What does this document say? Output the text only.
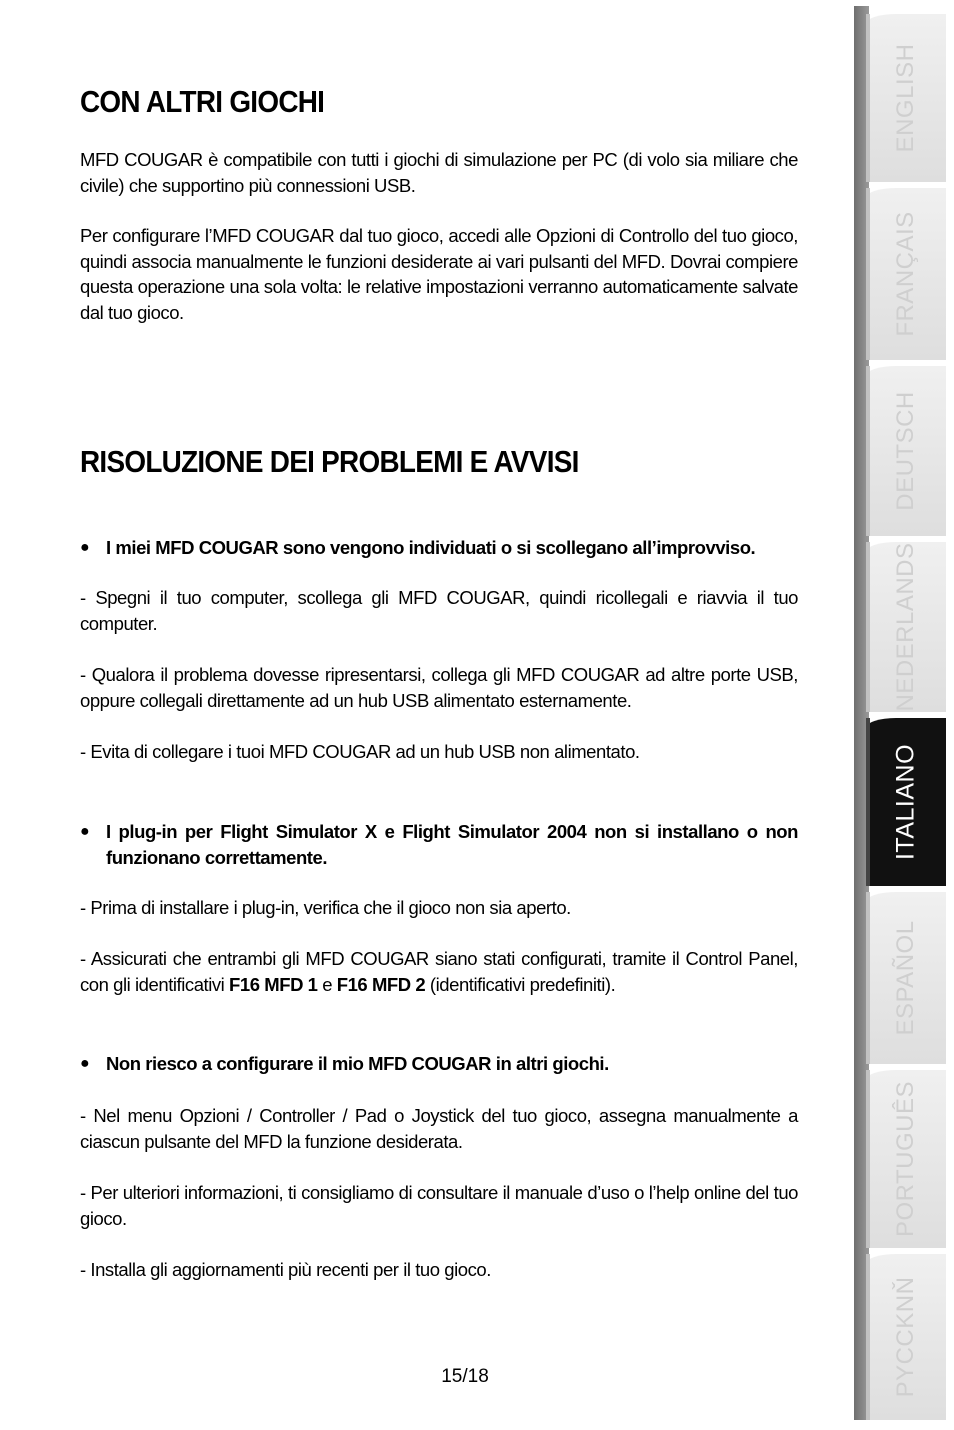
CON ALTRI GIOCHI

MFD COUGAR è compatibile con tutti i giochi di simulazione per PC (di volo sia miliare che civile) che supportino più connessioni USB.

Per configurare l’MFD COUGAR dal tuo gioco, accedi alle Opzioni di Controllo del tuo gioco, quindi associa manualmente le funzioni desiderate ai vari pulsanti del MFD. Dovrai compiere questa operazione una sola volta: le relative impostazioni verranno automaticamente salvate dal tuo gioco.

RISOLUZIONE DEI PROBLEMI E AVVISI
● I miei MFD COUGAR sono vengono individuati o si scollegano all’improvviso.

- Spegni il tuo computer, scollega gli MFD COUGAR, quindi ricollegali e riavvia il tuo computer.

- Qualora il problema dovesse ripresentarsi, collega gli MFD COUGAR ad altre porte USB, oppure collegali direttamente ad un hub USB alimentato esternamente.

- Evita di collegare i tuoi MFD COUGAR ad un hub USB non alimentato.

● I plug-in per Flight Simulator X e Flight Simulator 2004 non si installano o non funzionano correttamente.

- Prima di installare i plug-in, verifica che il gioco non sia aperto.

- Assicurati che entrambi gli MFD COUGAR siano stati configurati, tramite il Control Panel, con gli identificativi F16 MFD 1 e F16 MFD 2 (identificativi predefiniti).

● Non riesco a configurare il mio MFD COUGAR in altri giochi.

- Nel menu Opzioni / Controller / Pad o Joystick del tuo gioco, assegna manualmente a ciascun pulsante del MFD la funzione desiderata.

- Per ulteriori informazioni, ti consigliamo di consultare il manuale d’uso o l’help online del tuo gioco.

- Installa gli aggiornamenti più recenti per il tuo gioco.

15/18
ENGLISH
FRANÇAIS
DEUTSCH
NEDERLANDS
ITALIANO
ESPAÑOL
PORTUGUÊS
PYCCKNŇ
